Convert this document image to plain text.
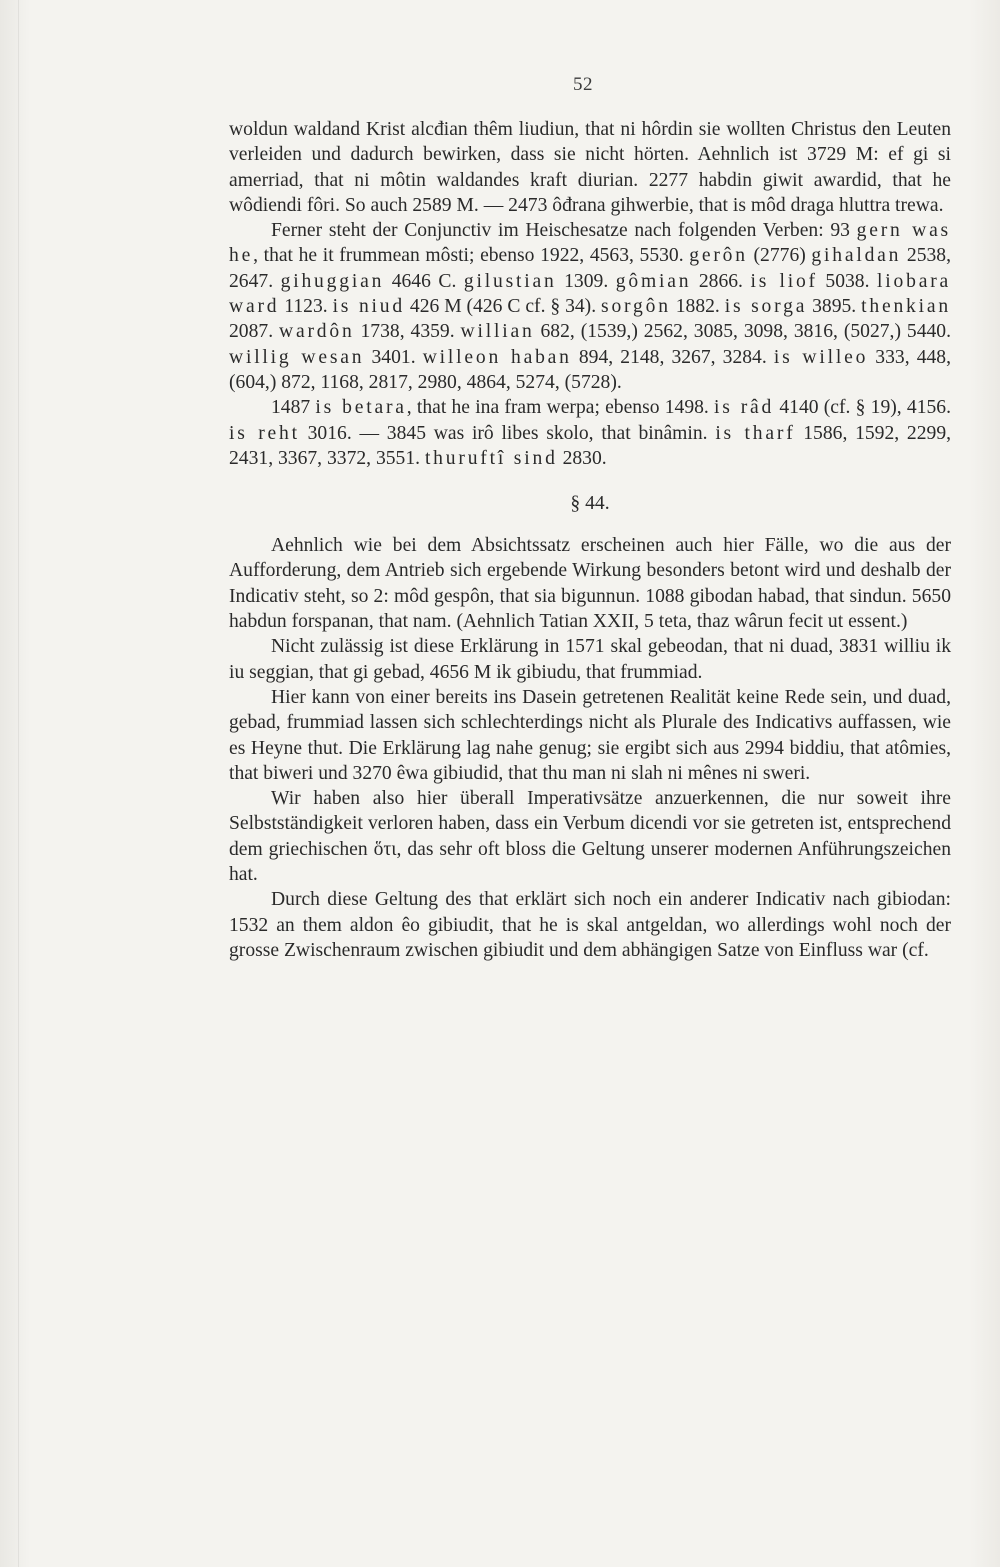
52

woldun waldand Krist alcđian thêm liudiun, that ni hôrdin sie wollten Christus den Leuten verleiden und dadurch bewirken, dass sie nicht hörten. Aehnlich ist 3729 M: ef gi si amerriad, that ni môtin waldandes kraft diurian. 2277 habdin giwit awardid, that he wôdiendi fôri. So auch 2589 M. — 2473 ôđrana gihwerbie, that is môd draga hluttra trewa.

Ferner steht der Conjunctiv im Heischesatze nach folgenden Verben: 93 gern was he, that he it frummean môsti; ebenso 1922, 4563, 5530. gerôn (2776) gihaldan 2538, 2647. gihuggian 4646 C. gilustian 1309. gômian 2866. is liof 5038. liobara ward 1123. is niud 426 M (426 C cf. § 34). sorgôn 1882. is sorga 3895. thenkian 2087. wardôn 1738, 4359. willian 682, (1539,) 2562, 3085, 3098, 3816, (5027,) 5440. willig wesan 3401. willeon haban 894, 2148, 3267, 3284. is willeo 333, 448, (604,) 872, 1168, 2817, 2980, 4864, 5274, (5728).

1487 is betara, that he ina fram werpa; ebenso 1498. is râd 4140 (cf. § 19), 4156. is reht 3016. — 3845 was irô libes skolo, that binâmin. is tharf 1586, 1592, 2299, 2431, 3367, 3372, 3551. thuruftî sind 2830.

§ 44.

Aehnlich wie bei dem Absichtssatz erscheinen auch hier Fälle, wo die aus der Aufforderung, dem Antrieb sich ergebende Wirkung besonders betont wird und deshalb der Indicativ steht, so 2: môd gespôn, that sia bigunnun. 1088 gibodan habad, that sindun. 5650 habdun forspanan, that nam. (Aehnlich Tatian XXII, 5 teta, thaz wârun fecit ut essent.)

Nicht zulässig ist diese Erklärung in 1571 skal gebeodan, that ni duad, 3831 williu ik iu seggian, that gi gebad, 4656 M ik gibiudu, that frummiad.

Hier kann von einer bereits ins Dasein getretenen Realität keine Rede sein, und duad, gebad, frummiad lassen sich schlechterdings nicht als Plurale des Indicativs auffassen, wie es Heyne thut. Die Erklärung lag nahe genug; sie ergibt sich aus 2994 biddiu, that atômies, that biweri und 3270 êwa gibiudid, that thu man ni slah ni mênes ni sweri.

Wir haben also hier überall Imperativsätze anzuerkennen, die nur soweit ihre Selbstständigkeit verloren haben, dass ein Verbum dicendi vor sie getreten ist, entsprechend dem griechischen ὅτι, das sehr oft bloss die Geltung unserer modernen Anführungszeichen hat.

Durch diese Geltung des that erklärt sich noch ein anderer Indicativ nach gibiodan: 1532 an them aldon êo gibiudit, that he is skal antgeldan, wo allerdings wohl noch der grosse Zwischenraum zwischen gibiudit und dem abhängigen Satze von Einfluss war (cf.
